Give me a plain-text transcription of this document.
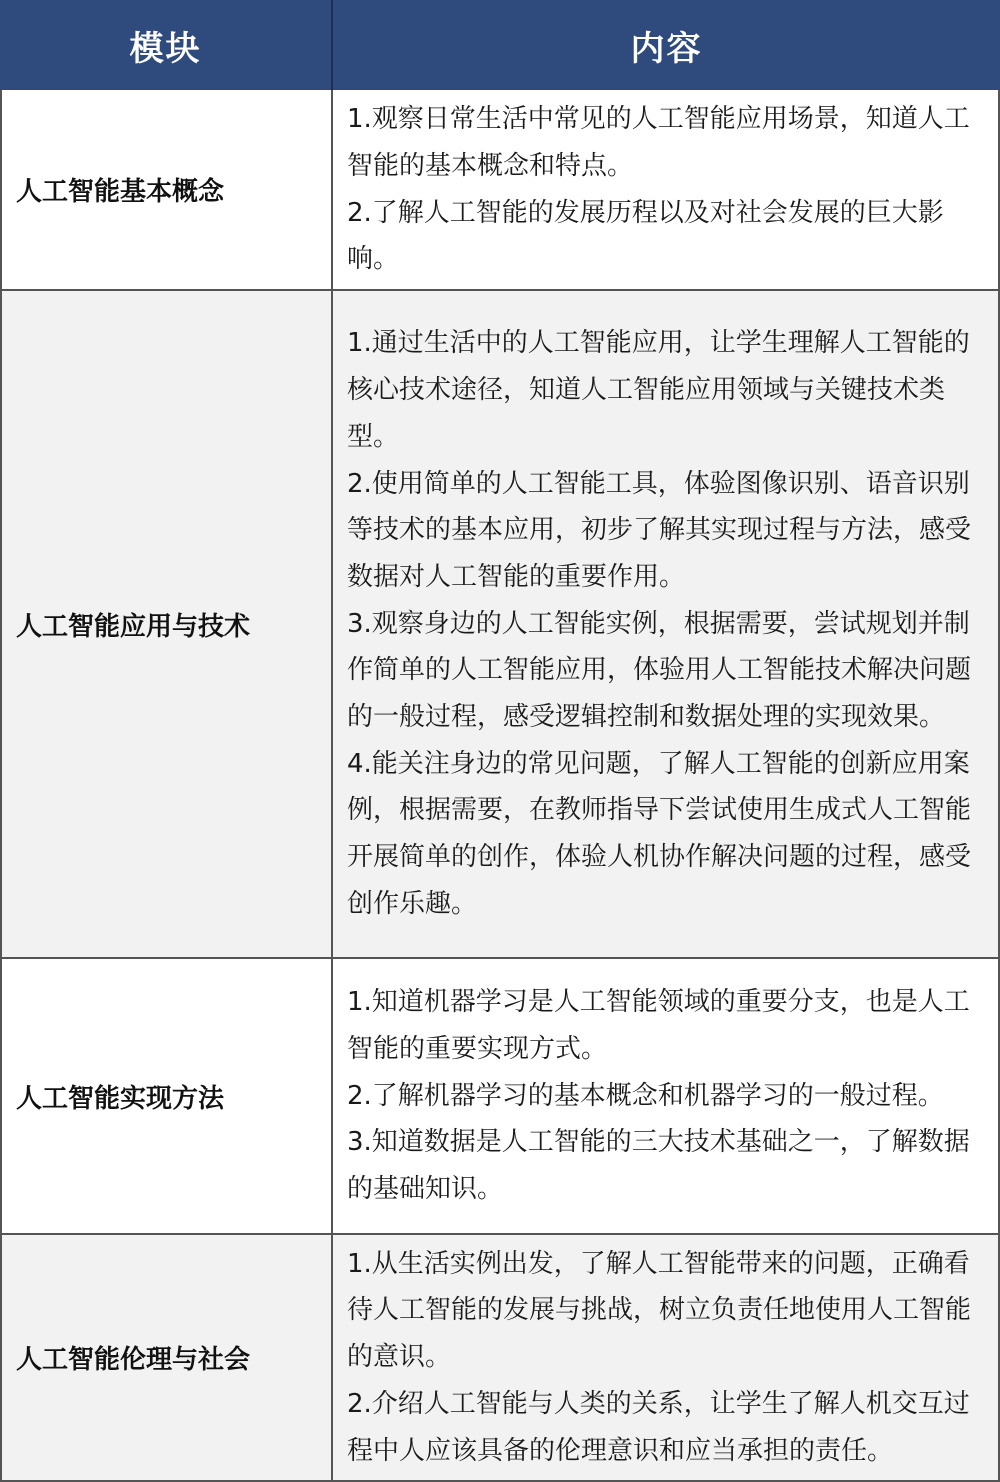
模块	内容
人工智能基本概念

1.观察日常生活中常见的人工智能应用场景，知道人工智能的基本概念和特点。

2.了解人工智能的发展历程以及对社会发展的巨大影响。

人工智能应用与技术

1.通过生活中的人工智能应用，让学生理解人工智能的核心技术途径，知道人工智能应用领域与关键技术类型。

2.使用简单的人工智能工具，体验图像识别、语音识别等技术的基本应用，初步了解其实现过程与方法，感受数据对人工智能的重要作用。

3.观察身边的人工智能实例，根据需要，尝试规划并制作简单的人工智能应用，体验用人工智能技术解决问题的一般过程，感受逻辑控制和数据处理的实现效果。

4.能关注身边的常见问题，了解人工智能的创新应用案例，根据需要，在教师指导下尝试使用生成式人工智能开展简单的创作，体验人机协作解决问题的过程，感受创作乐趣。

人工智能实现方法

1.知道机器学习是人工智能领域的重要分支，也是人工智能的重要实现方式。

2.了解机器学习的基本概念和机器学习的一般过程。

3.知道数据是人工智能的三大技术基础之一，了解数据的基础知识。

人工智能伦理与社会

1.从生活实例出发，了解人工智能带来的问题，正确看待人工智能的发展与挑战，树立负责任地使用人工智能的意识。

2.介绍人工智能与人类的关系，让学生了解人机交互过程中人应该具备的伦理意识和应当承担的责任。
